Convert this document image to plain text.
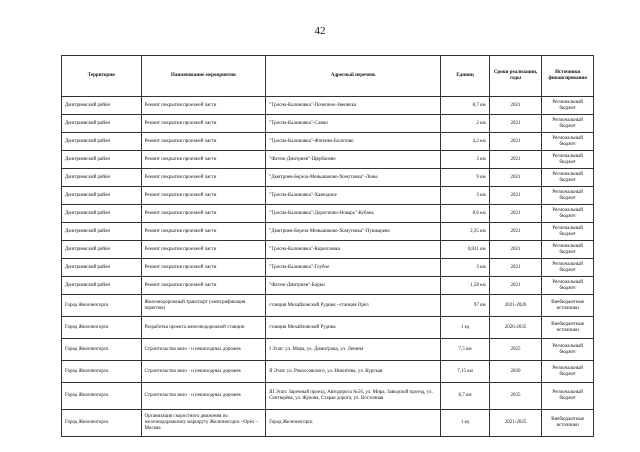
42
Территория	Наименование мероприятия	Адресный перечень	Единиц	Сроки реализации, годы	Источники финансирования
Дмитриевский район	Ремонт покрытия проезжей части	"Тросна-Калиновка"-Почепное-Звенячка	8,7 км	2021	Региональный бюджет
Дмитриевский район	Ремонт покрытия проезжей части	"Тросна-Калиновка"-Сляно	2 км	2021	Региональный бюджет
Дмитриевский район	Ремонт покрытия проезжей части	"Тросна-Калиновка"-Фатенко-Болотово	4,2 км	2021	Региональный бюджет
Дмитриевский район	Ремонт покрытия проезжей части	"Фатеж-Дмитриев"-Щербачево	3 км	2021	Региональный бюджет
Дмитриевский район	Ремонт покрытия проезжей части	"Дмитриев-Береза-Меньшиково-Хомутовка"-Лоны	9 км	2021	Региональный бюджет
Дмитриевский район	Ремонт покрытия проезжей части	"Тросна-Калиновка"-Хавездное	3 км	2021	Региональный бюджет
Дмитриевский район	Ремонт покрытия проезжей части	"Тросна-Калиновка"-Дорогично-Новарь"-Кубань	8,6 км	2021	Региональный бюджет
Дмитриевский район	Ремонт покрытия проезжей части	"Дмитриев-Береза-Меньшиково-Хомутовка"-Пушкарево	2,35 км	2021	Региональный бюджет
Дмитриевский район	Ремонт покрытия проезжей части	"Тросна-Калиновка"-Кирилловка	0,831 км	2021	Региональный бюджет
Дмитриевский район	Ремонт покрытия проезжей части	"Тросна-Калиновка"-Глубое	3 км	2021	Региональный бюджет
Дмитриевский район	Ремонт покрытия проезжей части	"Фатеж-Дмитриев"-Борки	1,58 км	2021	Региональный бюджет
Город Железногорск	Железнодорожный транспорт (электрификация перегона)	станция Михайловский Рудник –станция Орёл	97 км	2021-2026	Внебюджетные источники
Город Железногорск	Разработка проекта железнодорожной станции	станция Михайловский Рудник	1 ед	2026-2035	Внебюджетные источники
Город Железногорск	Строительство вело - и пешеходных дорожек	I Этап: ул. Мира, ул. Димитрова, ул. Ленина	7,5 км	2025	Региональный бюджет
Город Железногорск	Строительство вело - и пешеходных дорожек	II Этап: ул. Рокоссовского, ул. Никитина, ул. Курская	7,15 км	2030	Региональный бюджет
Город Железногорск	Строительство вело - и пешеходных дорожек	III Этап: Заречный проезд, Автодорога №56, ул. Мира, Заводской проезд, ул. Сентюрёва, ул. Жукова, Старая дорога, ул. Восточная	8,7 км	2035	Региональный бюджет
Город Железногорск	Организация скоростного движения по железнодорожному маршруту Железногорск –Орёл –Москва	Город Железногорск	1 ед	2021-2025	Внебюджетные источники
